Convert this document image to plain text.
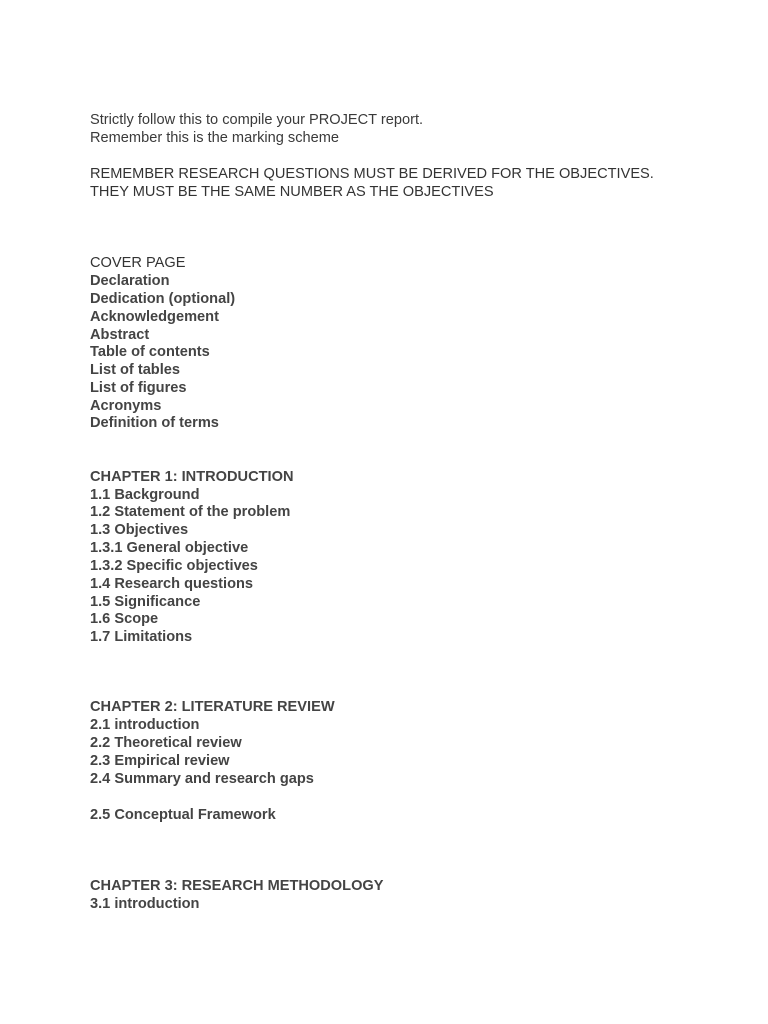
Strictly follow this to compile your PROJECT report.
Remember this is the marking scheme
REMEMBER RESEARCH QUESTIONS MUST BE DERIVED FOR THE OBJECTIVES.
THEY MUST BE THE SAME NUMBER AS THE OBJECTIVES
COVER PAGE
Declaration
Dedication (optional)
Acknowledgement
Abstract
Table of contents
List of tables
List of figures
Acronyms
Definition of terms
CHAPTER 1: INTRODUCTION
1.1 Background
1.2 Statement of the problem
1.3 Objectives
1.3.1 General objective
1.3.2 Specific objectives
1.4 Research questions
1.5 Significance
1.6 Scope
1.7 Limitations
CHAPTER 2: LITERATURE REVIEW
2.1 introduction
2.2 Theoretical review
2.3 Empirical review
2.4 Summary and research gaps
2.5 Conceptual Framework
CHAPTER 3: RESEARCH METHODOLOGY
3.1 introduction
